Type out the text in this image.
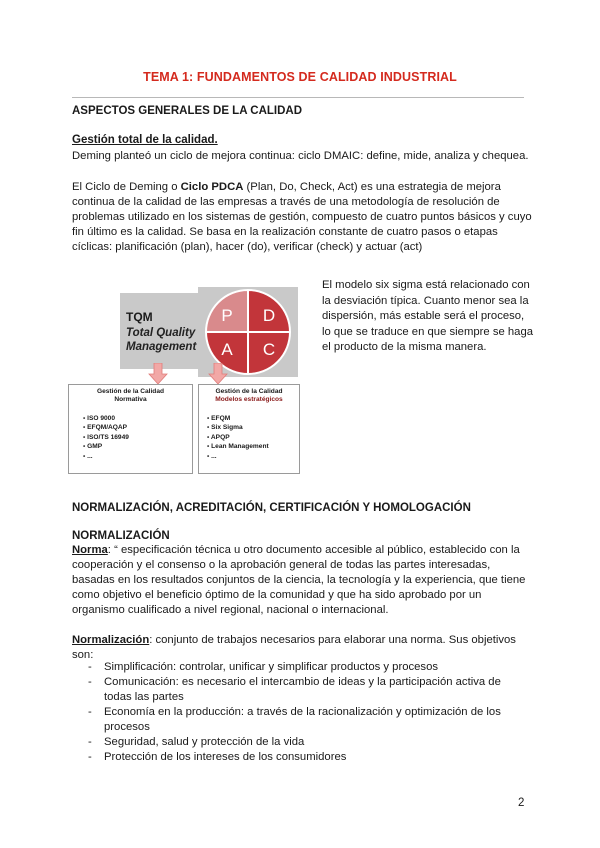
TEMA 1: FUNDAMENTOS DE CALIDAD INDUSTRIAL
ASPECTOS GENERALES DE LA CALIDAD
Gestión total de la calidad.
Deming planteó un ciclo de mejora continua: ciclo DMAIC: define, mide, analiza y chequea.
El Ciclo de Deming o Ciclo PDCA (Plan, Do, Check, Act) es una estrategia de mejora continua de la calidad de las empresas a través de una metodología de resolución de problemas utilizado en los sistemas de gestión, compuesto de cuatro puntos básicos y cuyo fin último es la calidad. Se basa en la realización constante de cuatro pasos o etapas cíclicas: planificación (plan), hacer (do), verificar (check) y actuar (act)
TQM
Total Quality
Management
P D
A C
Gestión de la Calidad
Normativa
• ISO 9000
• EFQM/AQAP
• ISO/TS 16949
• GMP
• ...
Gestión de la Calidad
Modelos estratégicos
• EFQM
• Six Sigma
• APQP
• Lean Management
• ...
El modelo six sigma está relacionado con la desviación típica. Cuanto menor sea la dispersión, más estable será el proceso, lo que se traduce en que siempre se haga el producto de la misma manera.
NORMALIZACIÓN, ACREDITACIÓN, CERTIFICACIÓN Y HOMOLOGACIÓN
NORMALIZACIÓN
Norma: “ especificación técnica u otro documento accesible al público, establecido con la cooperación y el consenso o la aprobación general de todas las partes interesadas, basadas en los resultados conjuntos de la ciencia, la tecnología y la experiencia, que tiene como objetivo el beneficio óptimo de la comunidad y que ha sido aprobado por un organismo cualificado a nivel regional, nacional o internacional.
Normalización: conjunto de trabajos necesarios para elaborar una norma. Sus objetivos son:
-	Simplificación: controlar, unificar y simplificar productos y procesos
-	Comunicación: es necesario el intercambio de ideas y la participación activa de todas las partes
-	Economía en la producción: a través de la racionalización y optimización de los procesos
-	Seguridad, salud y protección de la vida
-	Protección de los intereses de los consumidores
2
